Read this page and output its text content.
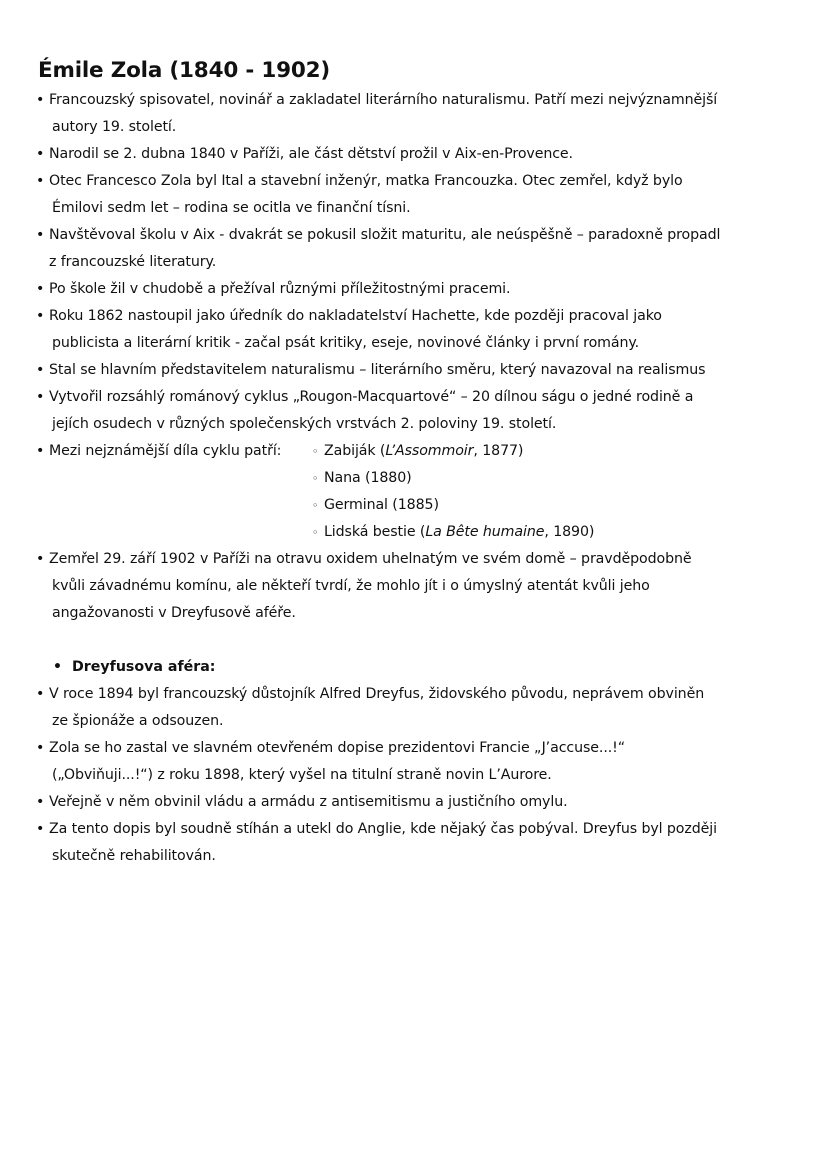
Émile Zola (1840 - 1902)
• Francouzský spisovatel, novinář a zakladatel literárního naturalismu. Patří mezi nejvýznamnější
autory 19. století.
• Narodil se 2. dubna 1840 v Paříži, ale část dětství prožil v Aix-en-Provence.
• Otec Francesco Zola byl Ital a stavební inženýr, matka Francouzka. Otec zemřel, když bylo
Émilovi sedm let – rodina se ocitla ve finanční tísni.
• Navštěvoval školu v Aix - dvakrát se pokusil složit maturitu, ale neúspěšně – paradoxně propadl
z francouzské literatury.
• Po škole žil v chudobě a přežíval různými příležitostnými pracemi.
• Roku 1862 nastoupil jako úředník do nakladatelství Hachette, kde později pracoval jako
publicista a literární kritik - začal psát kritiky, eseje, novinové články i první romány.
• Stal se hlavním představitelem naturalismu – literárního směru, který navazoval na realismus
• Vytvořil rozsáhlý románový cyklus „Rougon-Macquartové“ – 20 dílnou ságu o jedné rodině a
jejích osudech v různých společenských vrstvách 2. poloviny 19. století.
• Mezi nejznámější díla cyklu patří:	◦ Zabiják (L’Assommoir, 1877)
◦ Nana (1880)
◦ Germinal (1885)
◦ Lidská bestie (La Bête humaine, 1890)
• Zemřel 29. září 1902 v Paříži na otravu oxidem uhelnatým ve svém domě – pravděpodobně
kvůli závadnému komínu, ale někteří tvrdí, že mohlo jít i o úmyslný atentát kvůli jeho
angažovanosti v Dreyfusově aféře.
• Dreyfusova aféra:
• V roce 1894 byl francouzský důstojník Alfred Dreyfus, židovského původu, neprávem obviněn
ze špionáže a odsouzen.
• Zola se ho zastal ve slavném otevřeném dopise prezidentovi Francie „J’accuse...!“
(„Obviňuji...!“) z roku 1898, který vyšel na titulní straně novin L’Aurore.
• Veřejně v něm obvinil vládu a armádu z antisemitismu a justičního omylu.
• Za tento dopis byl soudně stíhán a utekl do Anglie, kde nějaký čas pobýval. Dreyfus byl později
skutečně rehabilitován.
